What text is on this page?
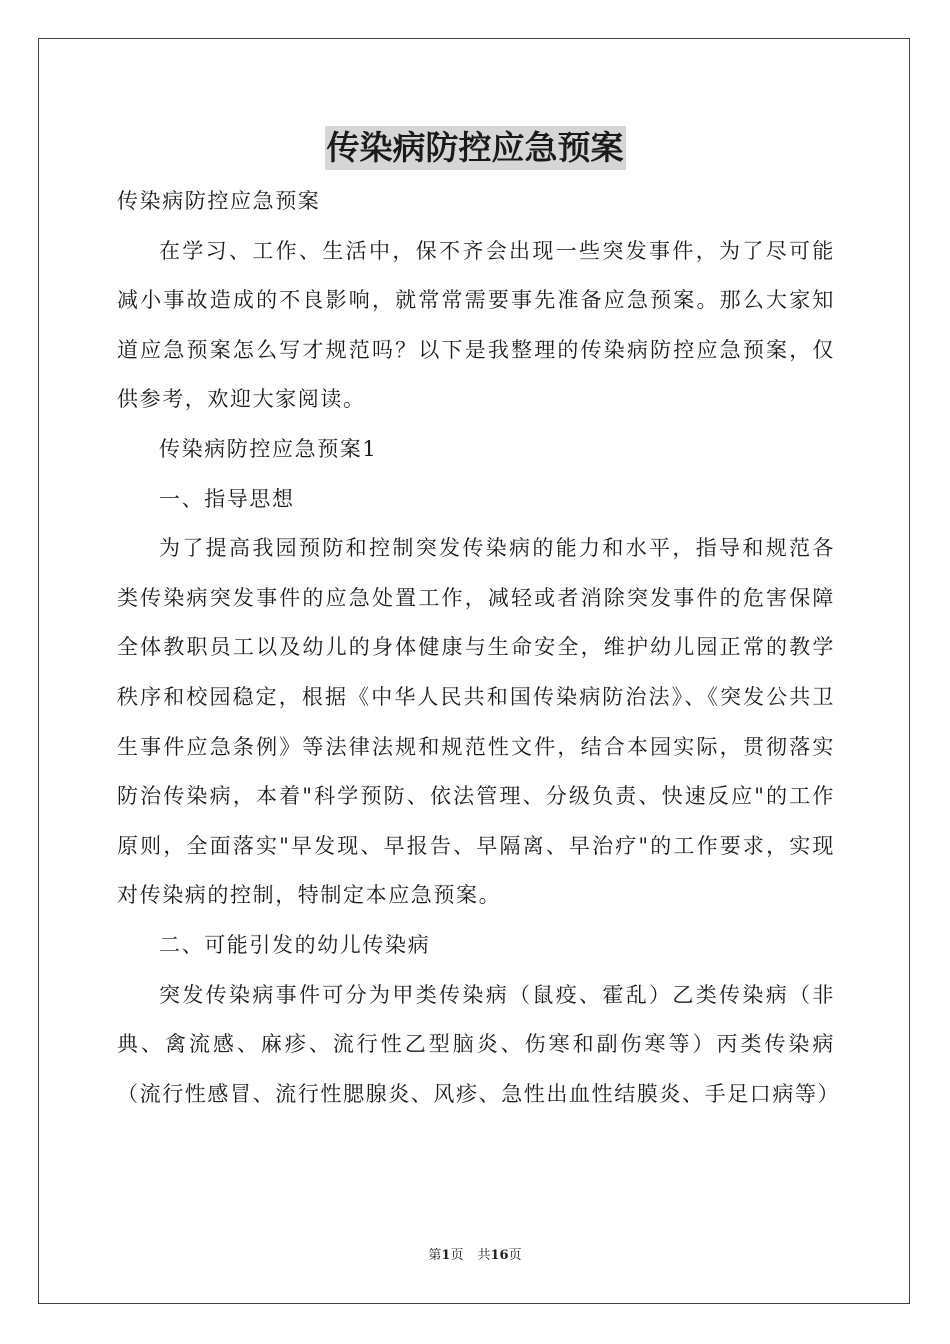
传染病防控应急预案

传染病防控应急预案

在学习、工作、生活中，保不齐会出现一些突发事件，为了尽可能减小事故造成的不良影响，就常常需要事先准备应急预案。那么大家知道应急预案怎么写才规范吗？以下是我整理的传染病防控应急预案，仅供参考，欢迎大家阅读。

传染病防控应急预案1

一、指导思想

为了提高我园预防和控制突发传染病的能力和水平，指导和规范各类传染病突发事件的应急处置工作，减轻或者消除突发事件的危害保障全体教职员工以及幼儿的身体健康与生命安全，维护幼儿园正常的教学秩序和校园稳定，根据《中华人民共和国传染病防治法》、《突发公共卫生事件应急条例》等法律法规和规范性文件，结合本园实际，贯彻落实防治传染病，本着"科学预防、依法管理、分级负责、快速反应"的工作原则，全面落实"早发现、早报告、早隔离、早治疗"的工作要求，实现对传染病的控制，特制定本应急预案。

二、可能引发的幼儿传染病

突发传染病事件可分为甲类传染病（鼠疫、霍乱）乙类传染病（非典、禽流感、麻疹、流行性乙型脑炎、伤寒和副伤寒等）丙类传染病（流行性感冒、流行性腮腺炎、风疹、急性出血性结膜炎、手足口病等）

第1页 共16页
